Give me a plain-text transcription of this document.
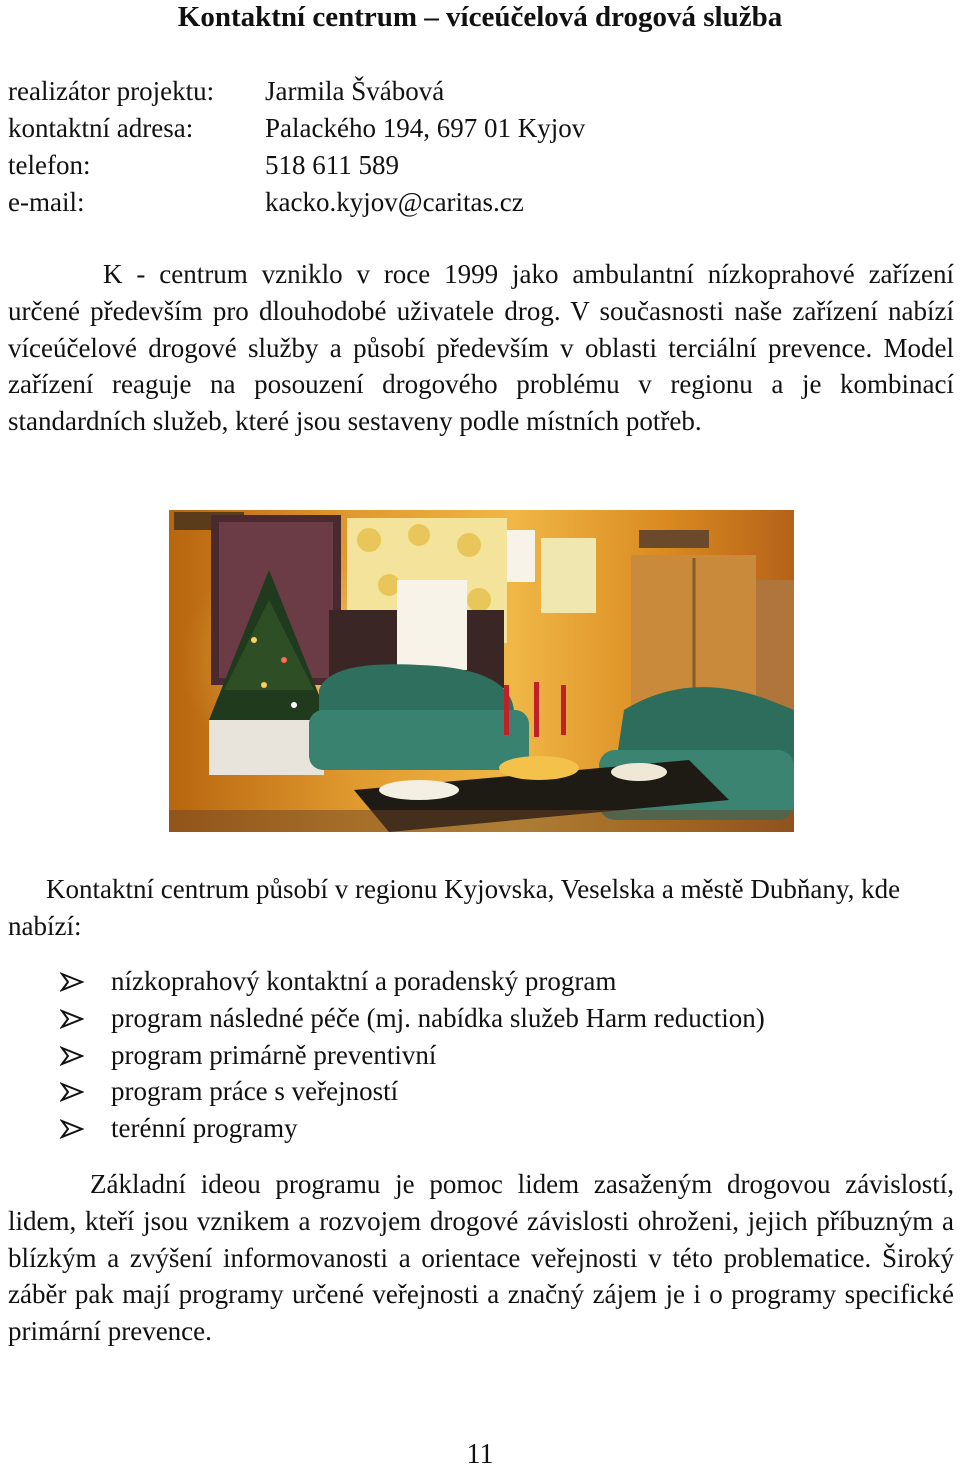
Kontaktní centrum – víceúčelová drogová služba
realizátor projektu: Jarmila Švábová
kontaktní adresa:	Palackého 194, 697 01 Kyjov
telefon:	518 611 589
e-mail:	kacko.kyjov@caritas.cz

K - centrum vzniklo v roce 1999 jako ambulantní nízkoprahové zařízení určené především pro dlouhodobé uživatele drog. V současnosti naše zařízení nabízí víceúčelové drogové služby a působí především v oblasti terciální prevence. Model zařízení reaguje na posouzení drogového problému v regionu a je kombinací standardních služeb, které jsou sestaveny podle místních potřeb.

Kontaktní centrum působí v regionu Kyjovska, Veselska a městě Dubňany, kde nabízí:
nízkoprahový kontaktní a poradenský program
program následné péče (mj. nabídka služeb Harm reduction)
program primárně preventivní
program práce s veřejností
terénní programy

Základní ideou programu je pomoc lidem zasaženým drogovou závislostí, lidem, kteří jsou vznikem a rozvojem drogové závislosti ohroženi, jejich příbuzným a blízkým a zvýšení informovanosti a orientace veřejnosti v této problematice. Široký záběr pak mají programy určené veřejnosti a značný zájem je i o programy specifické primární prevence.

11
